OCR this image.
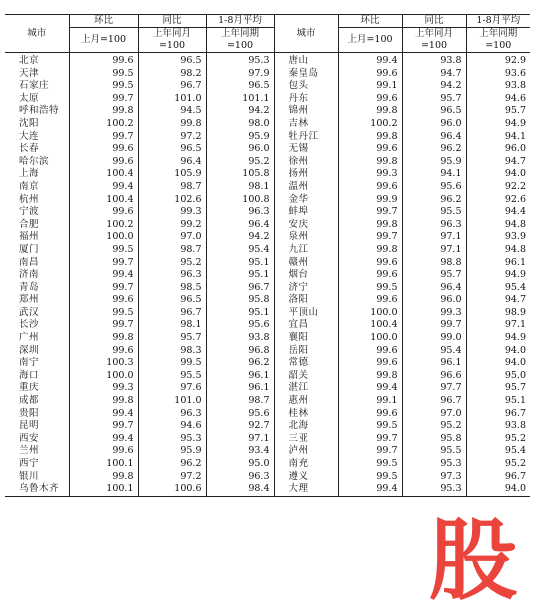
城市	环比	同比	1-8月平均	城市	环比	同比	1-8月平均
	上月=100	上年同月=100	上年同期=100		上月=100	上年同月=100	上年同期=100
北京	99.6	96.5	95.3	唐山	99.4	93.8	92.9
天津	99.5	98.2	97.9	秦皇岛	99.6	94.7	93.6
石家庄	99.5	96.7	96.5	包头	99.1	94.2	93.8
太原	99.7	101.0	101.1	丹东	99.6	95.7	94.6
呼和浩特	99.8	94.5	94.2	锦州	99.8	96.5	95.7
沈阳	100.2	99.8	98.0	吉林	100.2	96.0	94.9
大连	99.7	97.2	95.9	牡丹江	99.8	96.4	94.1
长春	99.6	96.5	96.0	无锡	99.6	96.2	96.0
哈尔滨	99.6	96.4	95.2	徐州	99.8	95.9	94.7
上海	100.4	105.9	105.8	扬州	99.3	94.1	94.0
南京	99.4	98.7	98.1	温州	99.6	95.6	92.2
杭州	100.4	102.6	100.8	金华	99.9	96.2	92.6
宁波	99.6	99.3	96.3	蚌埠	99.7	95.5	94.4
合肥	100.2	99.2	96.4	安庆	99.8	96.3	94.8
福州	100.0	97.0	94.2	泉州	99.7	97.1	93.9
厦门	99.5	98.7	95.4	九江	99.8	97.1	94.8
南昌	99.7	95.2	95.1	赣州	99.6	98.8	96.1
济南	99.4	96.3	95.1	烟台	99.6	95.7	94.9
青岛	99.7	98.5	96.7	济宁	99.5	96.4	95.4
郑州	99.6	96.5	95.8	洛阳	99.6	96.0	94.7
武汉	99.5	96.7	95.1	平顶山	100.0	99.3	98.9
长沙	99.7	98.1	95.6	宜昌	100.4	99.7	97.1
广州	99.8	95.7	93.8	襄阳	100.0	99.0	94.9
深圳	99.6	98.3	96.8	岳阳	99.6	95.4	94.0
南宁	100.3	99.5	96.2	常德	99.6	96.1	94.0
海口	100.0	95.5	96.1	韶关	99.8	96.6	95.0
重庆	99.3	97.6	96.1	湛江	99.4	97.7	95.7
成都	99.8	101.0	98.7	惠州	99.1	96.7	95.1
贵阳	99.4	96.3	95.6	桂林	99.6	97.0	96.7
昆明	99.7	94.6	92.7	北海	99.5	95.2	93.8
西安	99.4	95.3	97.1	三亚	99.7	95.8	95.2
兰州	99.6	95.9	93.4	泸州	99.7	95.5	95.4
西宁	100.1	96.2	95.0	南充	99.5	95.3	95.2
银川	99.8	97.2	96.3	遵义	99.5	97.3	96.7
乌鲁木齐	100.1	100.6	98.4	大理	99.4	95.3	94.0
股
